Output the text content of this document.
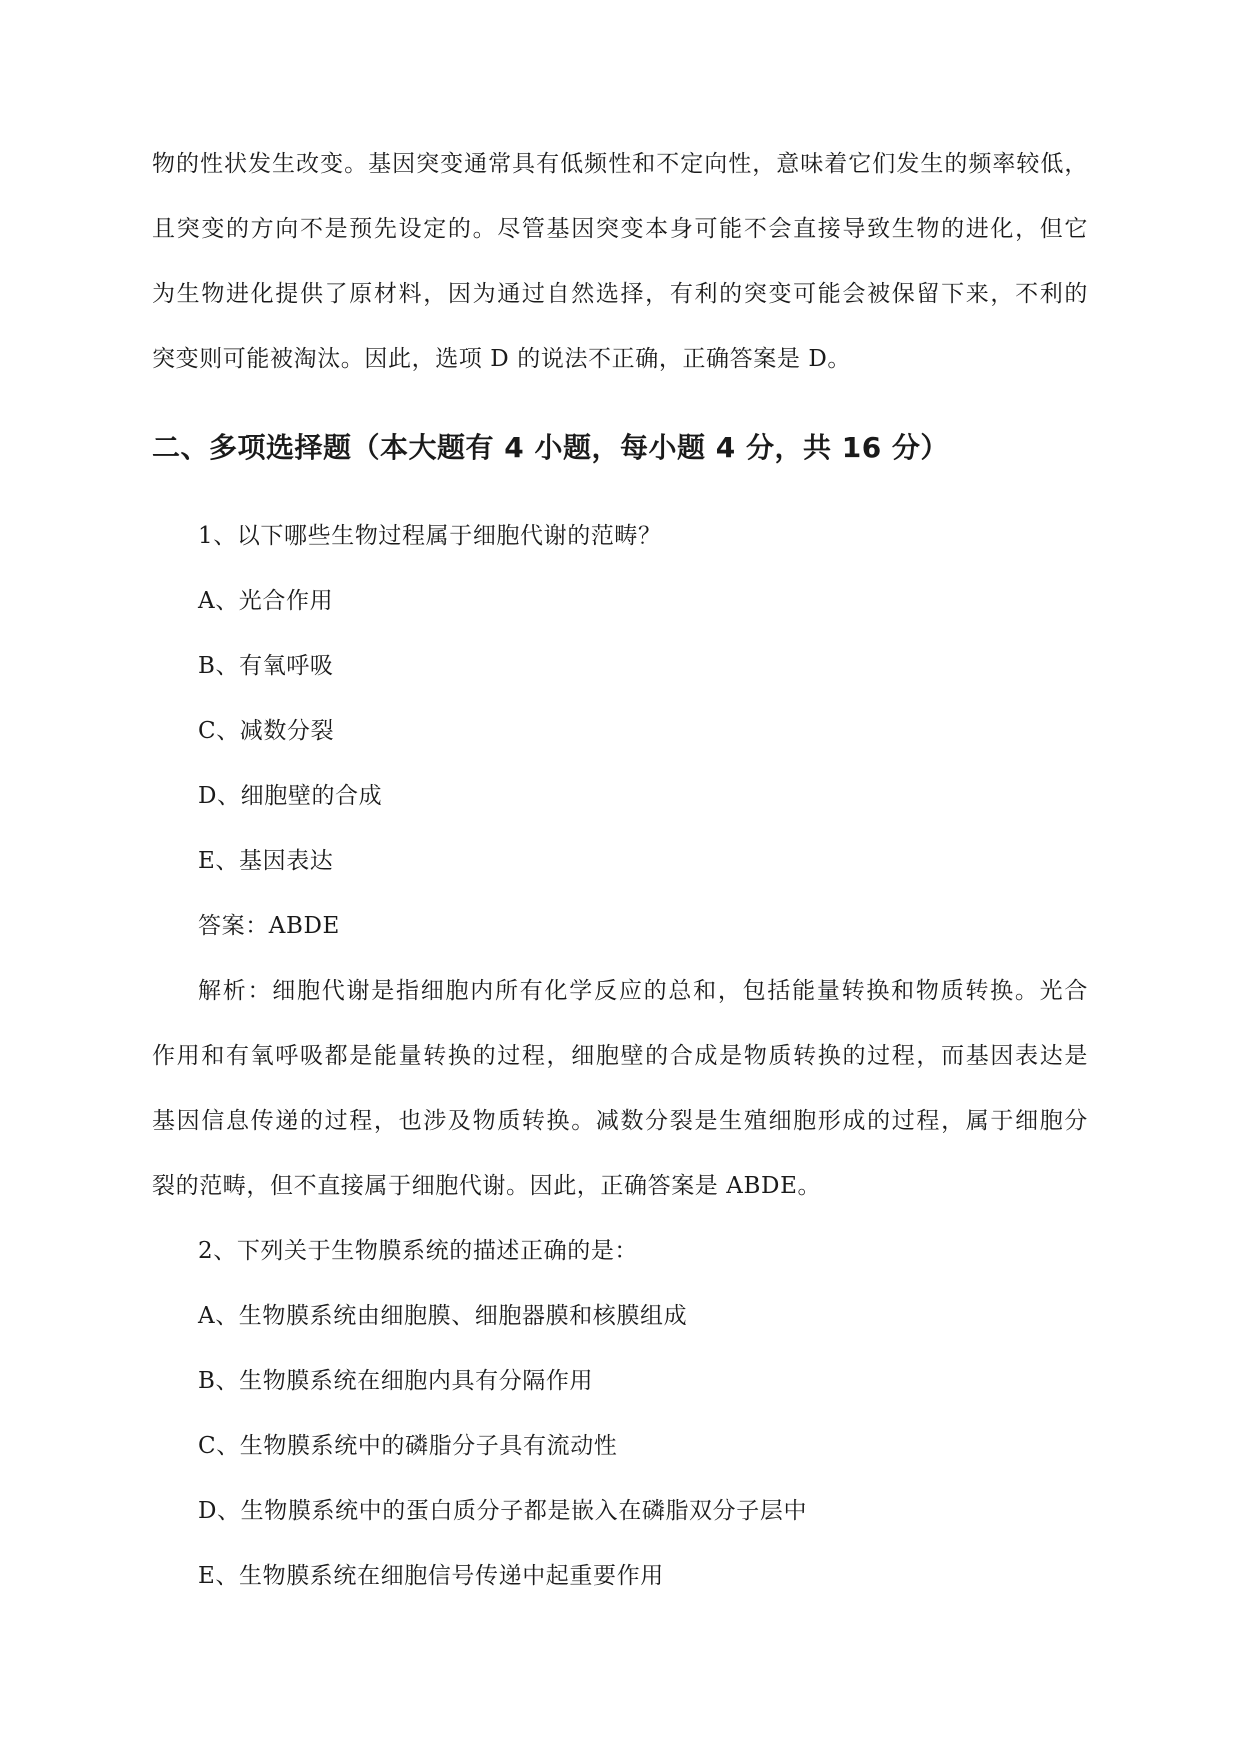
物的性状发生改变。基因突变通常具有低频性和不定向性，意味着它们发生的频率较低，
且突变的方向不是预先设定的。尽管基因突变本身可能不会直接导致生物的进化，但它
为生物进化提供了原材料，因为通过自然选择，有利的突变可能会被保留下来，不利的
突变则可能被淘汰。因此，选项 D 的说法不正确，正确答案是 D。

二、多项选择题（本大题有 4 小题，每小题 4 分，共 16 分）

1、以下哪些生物过程属于细胞代谢的范畴？

A、光合作用

B、有氧呼吸

C、减数分裂

D、细胞壁的合成

E、基因表达

答案：ABDE

解析：细胞代谢是指细胞内所有化学反应的总和，包括能量转换和物质转换。光合
作用和有氧呼吸都是能量转换的过程，细胞壁的合成是物质转换的过程，而基因表达是
基因信息传递的过程，也涉及物质转换。减数分裂是生殖细胞形成的过程，属于细胞分
裂的范畴，但不直接属于细胞代谢。因此，正确答案是 ABDE。

2、下列关于生物膜系统的描述正确的是：

A、生物膜系统由细胞膜、细胞器膜和核膜组成

B、生物膜系统在细胞内具有分隔作用

C、生物膜系统中的磷脂分子具有流动性

D、生物膜系统中的蛋白质分子都是嵌入在磷脂双分子层中

E、生物膜系统在细胞信号传递中起重要作用
